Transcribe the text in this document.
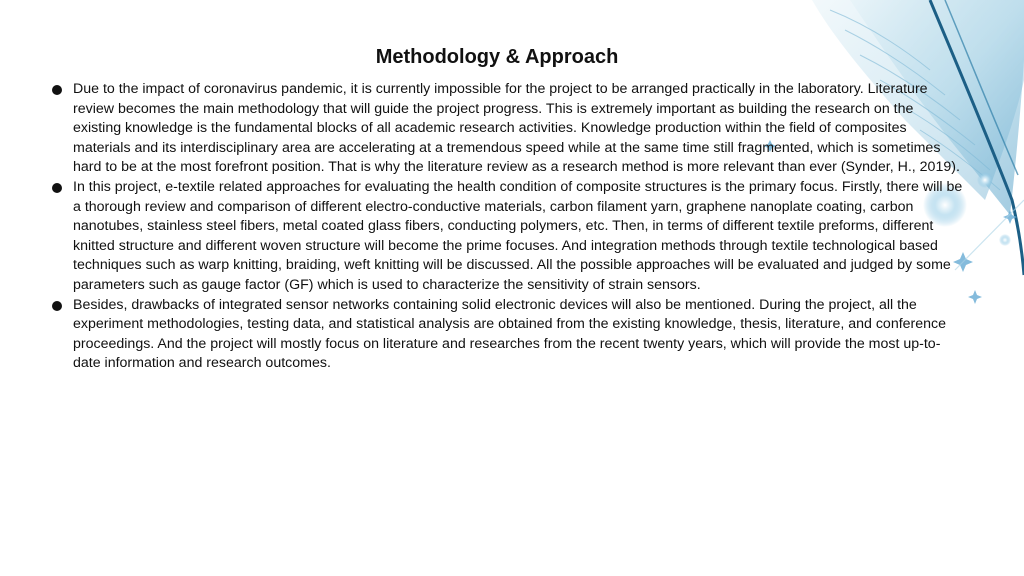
Methodology & Approach
Due to the impact of coronavirus pandemic, it is currently impossible for the project to be arranged practically in the laboratory. Literature review becomes the main methodology that will guide the project progress. This is extremely important as building the research on the existing knowledge is the fundamental blocks of all academic research activities. Knowledge production within the field of composites materials and its interdisciplinary area are accelerating at a tremendous speed while at the same time still fragmented, which is sometimes hard to be at the most forefront position. That is why the literature review as a research method is more relevant than ever (Synder, H., 2019).
In this project, e-textile related approaches for evaluating the health condition of composite structures is the primary focus. Firstly, there will be a thorough review and comparison of different electro-conductive materials, carbon filament yarn, graphene nanoplate coating, carbon nanotubes, stainless steel fibers, metal coated glass fibers, conducting polymers, etc. Then, in terms of different textile preforms, different knitted structure and different woven structure will become the prime focuses. And integration methods through textile technological based techniques such as warp knitting, braiding, weft knitting will be discussed. All the possible approaches will be evaluated and judged by some parameters such as gauge factor (GF) which is used to characterize the sensitivity of strain sensors.
Besides, drawbacks of integrated sensor networks containing solid electronic devices will also be mentioned. During the project, all the experiment methodologies, testing data, and statistical analysis are obtained from the existing knowledge, thesis, literature, and conference proceedings. And the project will mostly focus on literature and researches from the recent twenty years, which will provide the most up-to-date information and research outcomes.
